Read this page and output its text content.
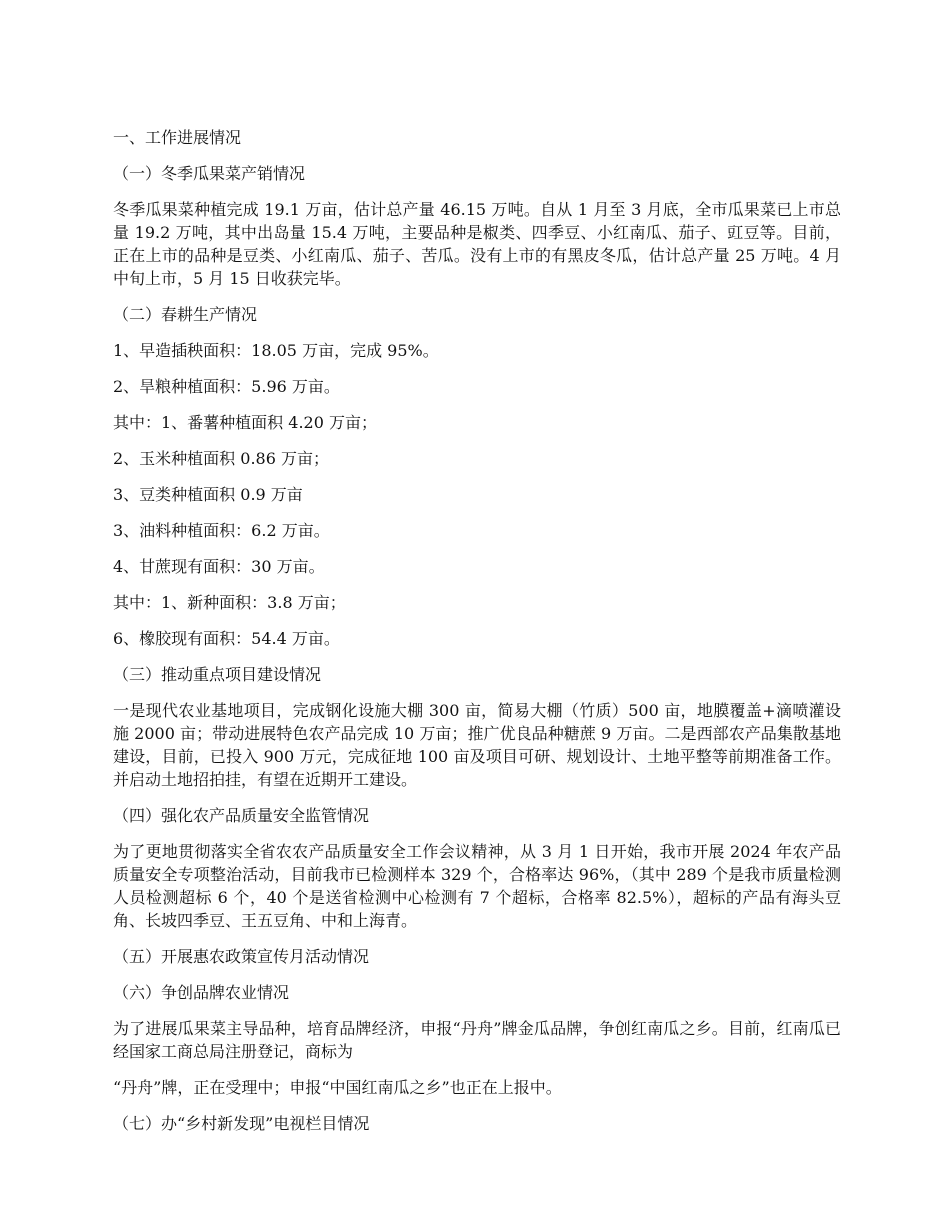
一、工作进展情况

（一）冬季瓜果菜产销情况

冬季瓜果菜种植完成 19.1 万亩，估计总产量 46.15 万吨。自从 1 月至 3 月底，全市瓜果菜已上市总量 19.2 万吨，其中出岛量 15.4 万吨，主要品种是椒类、四季豆、小红南瓜、茄子、豇豆等。目前，正在上市的品种是豆类、小红南瓜、茄子、苦瓜。没有上市的有黑皮冬瓜，估计总产量 25 万吨。4 月中旬上市，5 月 15 日收获完毕。

（二）春耕生产情况

1、早造插秧面积：18.05 万亩，完成 95%。

2、旱粮种植面积：5.96 万亩。

其中：1、番薯种植面积 4.20 万亩；

2、玉米种植面积 0.86 万亩；

3、豆类种植面积 0.9 万亩

3、油料种植面积：6.2 万亩。

4、甘蔗现有面积：30 万亩。

其中：1、新种面积：3.8 万亩；

6、橡胶现有面积：54.4 万亩。

（三）推动重点项目建设情况

一是现代农业基地项目，完成钢化设施大棚 300 亩，简易大棚（竹质）500 亩，地膜覆盖+滴喷灌设施 2000 亩；带动进展特色农产品完成 10 万亩；推广优良品种糖蔗 9 万亩。二是西部农产品集散基地建设，目前，已投入 900 万元，完成征地 100 亩及项目可研、规划设计、土地平整等前期准备工作。并启动土地招拍挂，有望在近期开工建设。

（四）强化农产品质量安全监管情况

为了更地贯彻落实全省农农产品质量安全工作会议精神，从 3 月 1 日开始，我市开展 2024 年农产品质量安全专项整治活动，目前我市已检测样本 329 个，合格率达 96%，（其中 289 个是我市质量检测人员检测超标 6 个，40 个是送省检测中心检测有 7 个超标，合格率 82.5%），超标的产品有海头豆角、长坡四季豆、王五豆角、中和上海青。

（五）开展惠农政策宣传月活动情况

（六）争创品牌农业情况

为了进展瓜果菜主导品种，培育品牌经济，申报“丹舟”牌金瓜品牌，争创红南瓜之乡。目前，红南瓜已经国家工商总局注册登记，商标为

“丹舟”牌，正在受理中；申报“中国红南瓜之乡”也正在上报中。

（七）办“乡村新发现”电视栏目情况
